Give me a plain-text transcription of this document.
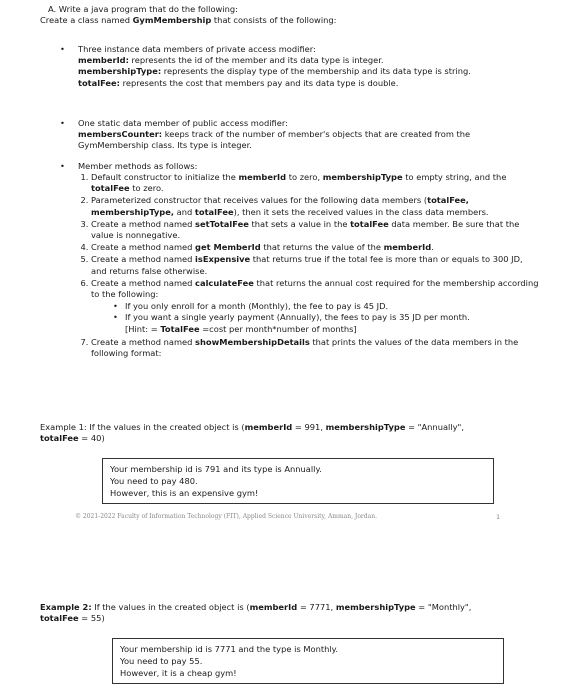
A. Write a java program that do the following:
Create a class named GymMembership that consists of the following:
• Three instance data members of private access modifier:
memberId: represents the id of the member and its data type is integer.
membershipType: represents the display type of the membership and its data type is string.
totalFee: represents the cost that members pay and its data type is double.
• One static data member of public access modifier:
membersCounter: keeps track of the number of member's objects that are created from the GymMembership class. Its type is integer.
• Member methods as follows:
1. Default constructor to initialize the memberId to zero, membershipType to empty string, and the totalFee to zero.
2. Parameterized constructor that receives values for the following data members (totalFee, membershipType, and totalFee), then it sets the received values in the class data members.
3. Create a method named setTotalFee that sets a value in the totalFee data member. Be sure that the value is nonnegative.
4. Create a method named get MemberId that returns the value of the memberId.
5. Create a method named isExpensive that returns true if the total fee is more than or equals to 300 JD, and returns false otherwise.
6. Create a method named calculateFee that returns the annual cost required for the membership according to the following:
• If you only enroll for a month (Monthly), the fee to pay is 45 JD.
• If you want a single yearly payment (Annually), the fees to pay is 35 JD per month.
[Hint: = TotalFee =cost per month*number of months]
7. Create a method named showMembershipDetails that prints the values of the data members in the following format:
Example 1: If the values in the created object is (memberId = 991, membershipType = "Annually",
totalFee = 40)
Your membership id is 791 and its type is Annually.
You need to pay 480.
However, this is an expensive gym!
© 2021-2022 Faculty of Information Technology (FIT), Applied Science University, Amman, Jordan.	1
Example 2: If the values in the created object is (memberId = 7771, membershipType = "Monthly",
totalFee = 55)
Your membership id is 7771 and the type is Monthly.
You need to pay 55.
However, it is a cheap gym!
